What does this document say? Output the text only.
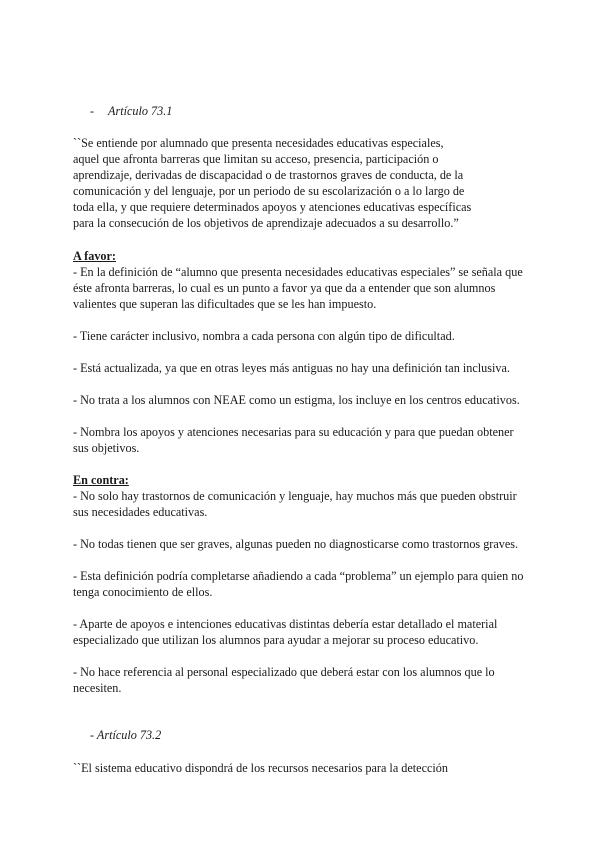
- Artículo 73.1
``Se entiende por alumnado que presenta necesidades educativas especiales,
aquel que afronta barreras que limitan su acceso, presencia, participación o
aprendizaje, derivadas de discapacidad o de trastornos graves de conducta, de la
comunicación y del lenguaje, por un periodo de su escolarización o a lo largo de
toda ella, y que requiere determinados apoyos y atenciones educativas específicas
para la consecución de los objetivos de aprendizaje adecuados a su desarrollo.”
A favor:
- En la definición de “alumno que presenta necesidades educativas especiales” se señala que
éste afronta barreras, lo cual es un punto a favor ya que da a entender que son alumnos
valientes que superan las dificultades que se les han impuesto.
- Tiene carácter inclusivo, nombra a cada persona con algún tipo de dificultad.
- Está actualizada, ya que en otras leyes más antiguas no hay una definición tan inclusiva.
- No trata a los alumnos con NEAE como un estigma, los incluye en los centros educativos.
- Nombra los apoyos y atenciones necesarias para su educación y para que puedan obtener
sus objetivos.
En contra:
- No solo hay trastornos de comunicación y lenguaje, hay muchos más que pueden obstruir
sus necesidades educativas.
- No todas tienen que ser graves, algunas pueden no diagnosticarse como trastornos graves.
- Esta definición podría completarse añadiendo a cada “problema” un ejemplo para quien no
tenga conocimiento de ellos.
- Aparte de apoyos e intenciones educativas distintas debería estar detallado el material
especializado que utilizan los alumnos para ayudar a mejorar su proceso educativo.
- No hace referencia al personal especializado que deberá estar con los alumnos que lo
necesiten.
- Artículo 73.2
``El sistema educativo dispondrá de los recursos necesarios para la detección
